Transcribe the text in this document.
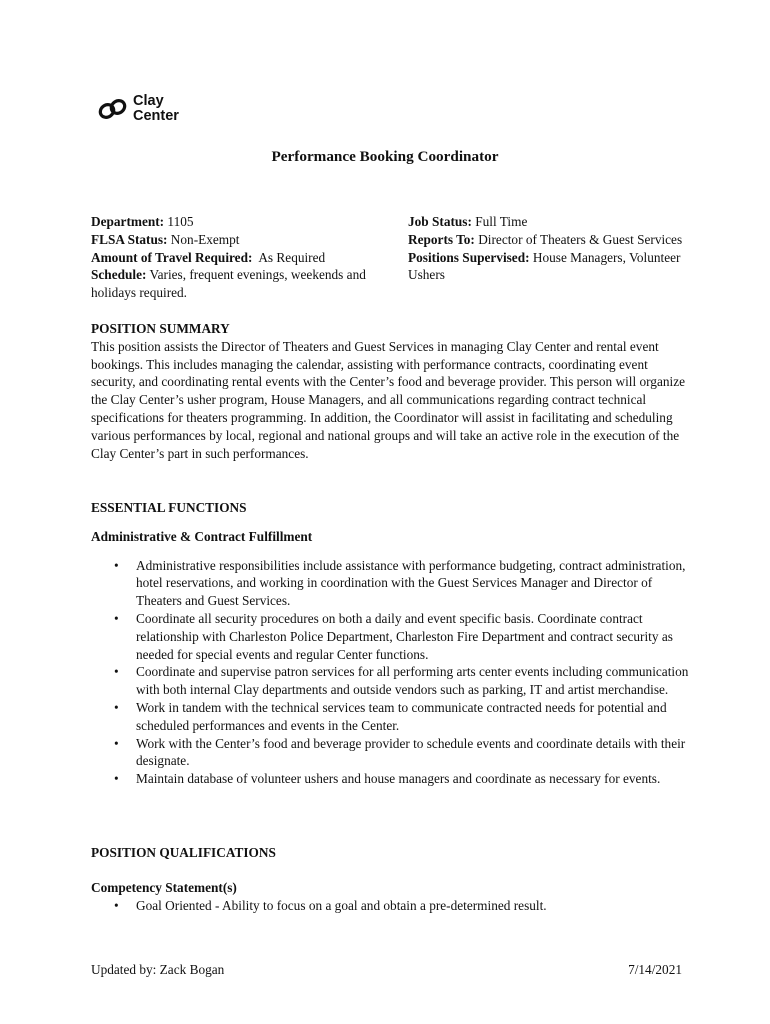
Clay
Center
Performance Booking Coordinator
Department: 1105
FLSA Status: Non-Exempt
Amount of Travel Required:  As Required
Schedule: Varies, frequent evenings, weekends and holidays required.
Job Status: Full Time
Reports To: Director of Theaters & Guest Services
Positions Supervised: House Managers, Volunteer Ushers
POSITION SUMMARY
This position assists the Director of Theaters and Guest Services in managing Clay Center and rental event bookings. This includes managing the calendar, assisting with performance contracts, coordinating event security, and coordinating rental events with the Center’s food and beverage provider. This person will organize the Clay Center’s usher program, House Managers, and all communications regarding contract technical specifications for theaters programming. In addition, the Coordinator will assist in facilitating and scheduling various performances by local, regional and national groups and will take an active role in the execution of the Clay Center’s part in such performances.
ESSENTIAL FUNCTIONS
Administrative & Contract Fulfillment
• Administrative responsibilities include assistance with performance budgeting, contract administration, hotel reservations, and working in coordination with the Guest Services Manager and Director of Theaters and Guest Services.
• Coordinate all security procedures on both a daily and event specific basis. Coordinate contract relationship with Charleston Police Department, Charleston Fire Department and contract security as needed for special events and regular Center functions.
• Coordinate and supervise patron services for all performing arts center events including communication with both internal Clay departments and outside vendors such as parking, IT and artist merchandise.
• Work in tandem with the technical services team to communicate contracted needs for potential and scheduled performances and events in the Center.
• Work with the Center’s food and beverage provider to schedule events and coordinate details with their designate.
• Maintain database of volunteer ushers and house managers and coordinate as necessary for events.
POSITION QUALIFICATIONS
Competency Statement(s)
• Goal Oriented - Ability to focus on a goal and obtain a pre-determined result.
Updated by: Zack Bogan	7/14/2021
